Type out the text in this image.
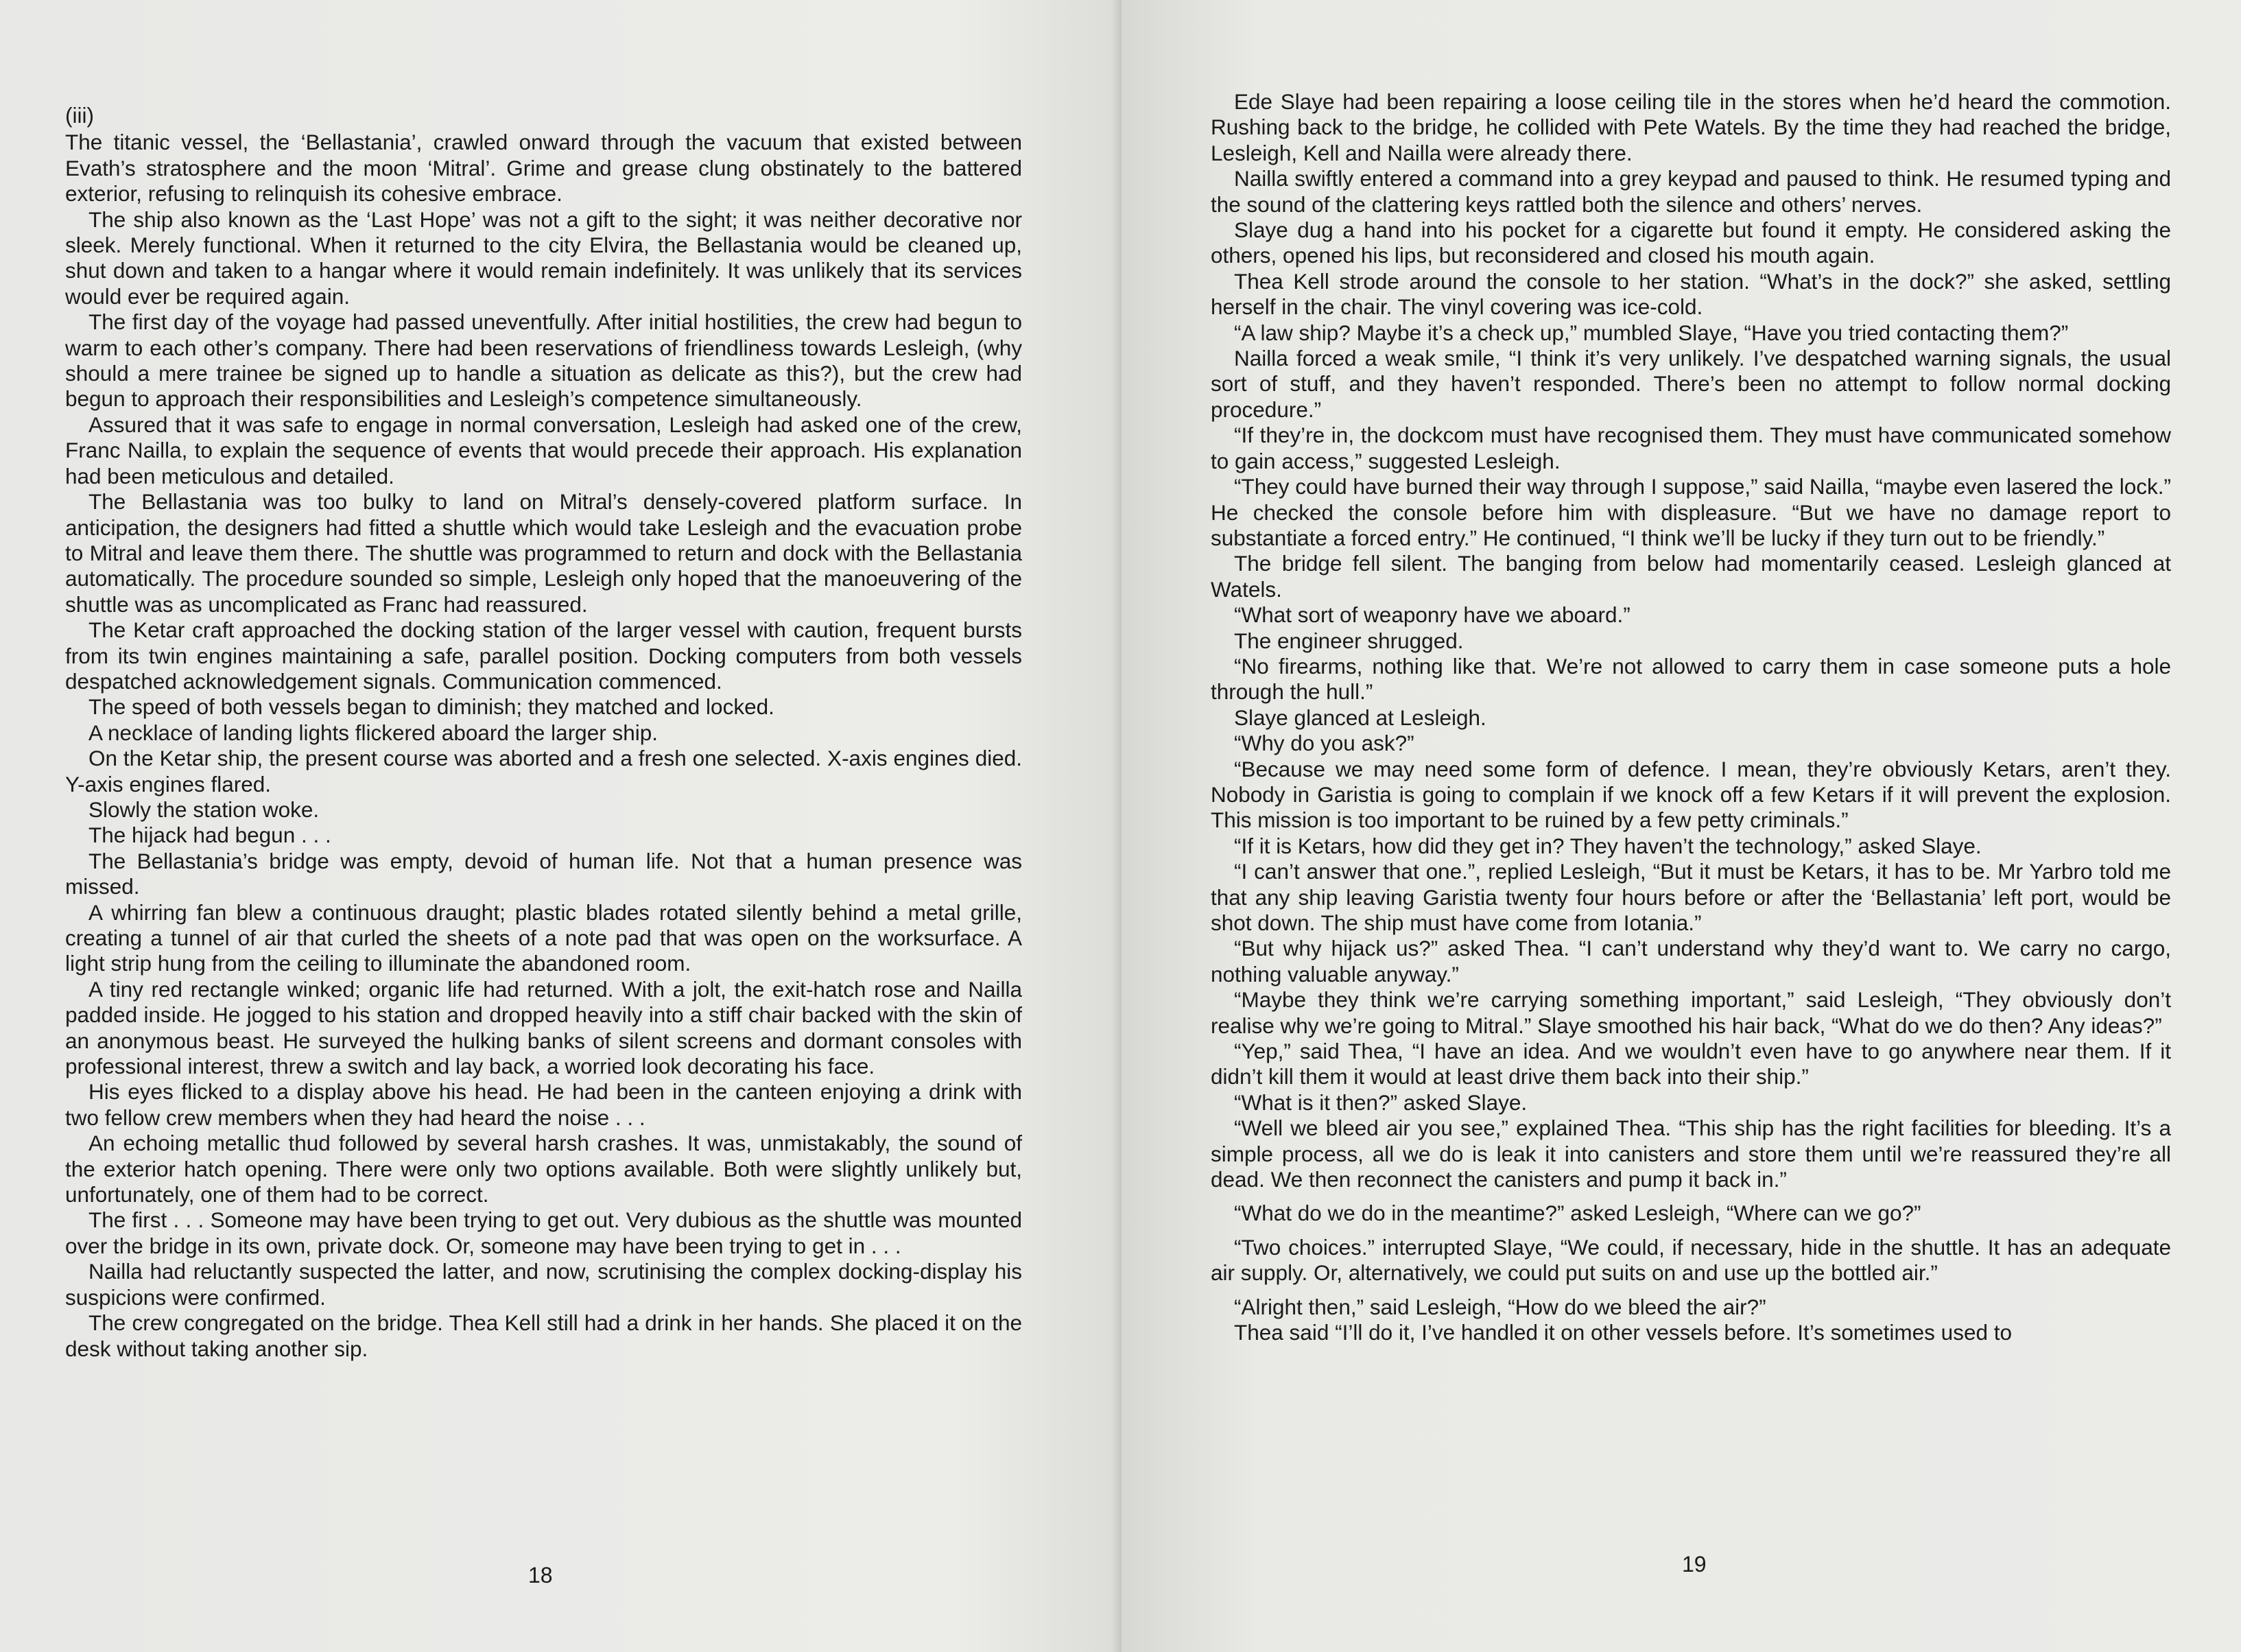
(iii)

The titanic vessel, the ‘Bellastania’, crawled onward through the vacuum that existed between Evath’s stratosphere and the moon ‘Mitral’. Grime and grease clung obstinately to the battered exterior, refusing to relinquish its cohesive embrace.

The ship also known as the ‘Last Hope’ was not a gift to the sight; it was neither decorative nor sleek. Merely functional. When it returned to the city Elvira, the Bellastania would be cleaned up, shut down and taken to a hangar where it would remain indefinitely. It was unlikely that its services would ever be required again.

The first day of the voyage had passed uneventfully. After initial hostilities, the crew had begun to warm to each other’s company. There had been reservations of friendliness towards Lesleigh, (why should a mere trainee be signed up to handle a situation as delicate as this?), but the crew had begun to approach their responsibilities and Lesleigh’s competence simultaneously.

Assured that it was safe to engage in normal conversation, Lesleigh had asked one of the crew, Franc Nailla, to explain the sequence of events that would precede their approach. His explanation had been meticulous and detailed.

The Bellastania was too bulky to land on Mitral’s densely-covered platform surface. In anticipation, the designers had fitted a shuttle which would take Lesleigh and the evacuation probe to Mitral and leave them there. The shuttle was programmed to return and dock with the Bellastania automatically. The procedure sounded so simple, Lesleigh only hoped that the manoeuvering of the shuttle was as uncomplicated as Franc had reassured.

The Ketar craft approached the docking station of the larger vessel with caution, frequent bursts from its twin engines maintaining a safe, parallel position. Docking computers from both vessels despatched acknowledgement signals. Communication commenced.

The speed of both vessels began to diminish; they matched and locked.

A necklace of landing lights flickered aboard the larger ship.

On the Ketar ship, the present course was aborted and a fresh one selected. X-axis engines died. Y-axis engines flared.

Slowly the station woke.

The hijack had begun . . .

The Bellastania’s bridge was empty, devoid of human life. Not that a human presence was missed.

A whirring fan blew a continuous draught; plastic blades rotated silently behind a metal grille, creating a tunnel of air that curled the sheets of a note pad that was open on the worksurface. A light strip hung from the ceiling to illuminate the abandoned room.

A tiny red rectangle winked; organic life had returned. With a jolt, the exit-hatch rose and Nailla padded inside. He jogged to his station and dropped heavily into a stiff chair backed with the skin of an anonymous beast. He surveyed the hulking banks of silent screens and dormant consoles with professional interest, threw a switch and lay back, a worried look decorating his face.

His eyes flicked to a display above his head. He had been in the canteen enjoying a drink with two fellow crew members when they had heard the noise . . .

An echoing metallic thud followed by several harsh crashes. It was, unmistakably, the sound of the exterior hatch opening. There were only two options available. Both were slightly unlikely but, unfortunately, one of them had to be correct.

The first . . . Someone may have been trying to get out. Very dubious as the shuttle was mounted over the bridge in its own, private dock. Or, someone may have been trying to get in . . .

Nailla had reluctantly suspected the latter, and now, scrutinising the complex docking-display his suspicions were confirmed.

The crew congregated on the bridge. Thea Kell still had a drink in her hands. She placed it on the desk without taking another sip.

18

Ede Slaye had been repairing a loose ceiling tile in the stores when he’d heard the commotion. Rushing back to the bridge, he collided with Pete Watels. By the time they had reached the bridge, Lesleigh, Kell and Nailla were already there.

Nailla swiftly entered a command into a grey keypad and paused to think. He resumed typing and the sound of the clattering keys rattled both the silence and others’ nerves.

Slaye dug a hand into his pocket for a cigarette but found it empty. He considered asking the others, opened his lips, but reconsidered and closed his mouth again.

Thea Kell strode around the console to her station. “What’s in the dock?” she asked, settling herself in the chair. The vinyl covering was ice-cold.

“A law ship? Maybe it’s a check up,” mumbled Slaye, “Have you tried contacting them?”

Nailla forced a weak smile, “I think it’s very unlikely. I’ve despatched warning signals, the usual sort of stuff, and they haven’t responded. There’s been no attempt to follow normal docking procedure.”

“If they’re in, the dockcom must have recognised them. They must have communicated somehow to gain access,” suggested Lesleigh.

“They could have burned their way through I suppose,” said Nailla, “maybe even lasered the lock.” He checked the console before him with displeasure. “But we have no damage report to substantiate a forced entry.” He continued, “I think we’ll be lucky if they turn out to be friendly.”

The bridge fell silent. The banging from below had momentarily ceased. Lesleigh glanced at Watels.

“What sort of weaponry have we aboard.”

The engineer shrugged.

“No firearms, nothing like that. We’re not allowed to carry them in case someone puts a hole through the hull.”

Slaye glanced at Lesleigh.

“Why do you ask?”

“Because we may need some form of defence. I mean, they’re obviously Ketars, aren’t they. Nobody in Garistia is going to complain if we knock off a few Ketars if it will prevent the explosion. This mission is too important to be ruined by a few petty criminals.”

“If it is Ketars, how did they get in? They haven’t the technology,” asked Slaye.

“I can’t answer that one.”, replied Lesleigh, “But it must be Ketars, it has to be. Mr Yarbro told me that any ship leaving Garistia twenty four hours before or after the ‘Bellastania’ left port, would be shot down. The ship must have come from Iotania.”

“But why hijack us?” asked Thea. “I can’t understand why they’d want to. We carry no cargo, nothing valuable anyway.”

“Maybe they think we’re carrying something important,” said Lesleigh, “They obviously don’t realise why we’re going to Mitral.” Slaye smoothed his hair back, “What do we do then? Any ideas?”

“Yep,” said Thea, “I have an idea. And we wouldn’t even have to go anywhere near them. If it didn’t kill them it would at least drive them back into their ship.”

“What is it then?” asked Slaye.

“Well we bleed air you see,” explained Thea. “This ship has the right facilities for bleeding. It’s a simple process, all we do is leak it into canisters and store them until we’re reassured they’re all dead. We then reconnect the canisters and pump it back in.”

“What do we do in the meantime?” asked Lesleigh, “Where can we go?”

“Two choices.” interrupted Slaye, “We could, if necessary, hide in the shuttle. It has an adequate air supply. Or, alternatively, we could put suits on and use up the bottled air.”

“Alright then,” said Lesleigh, “How do we bleed the air?”

Thea said “I’ll do it, I’ve handled it on other vessels before. It’s sometimes used to

19
